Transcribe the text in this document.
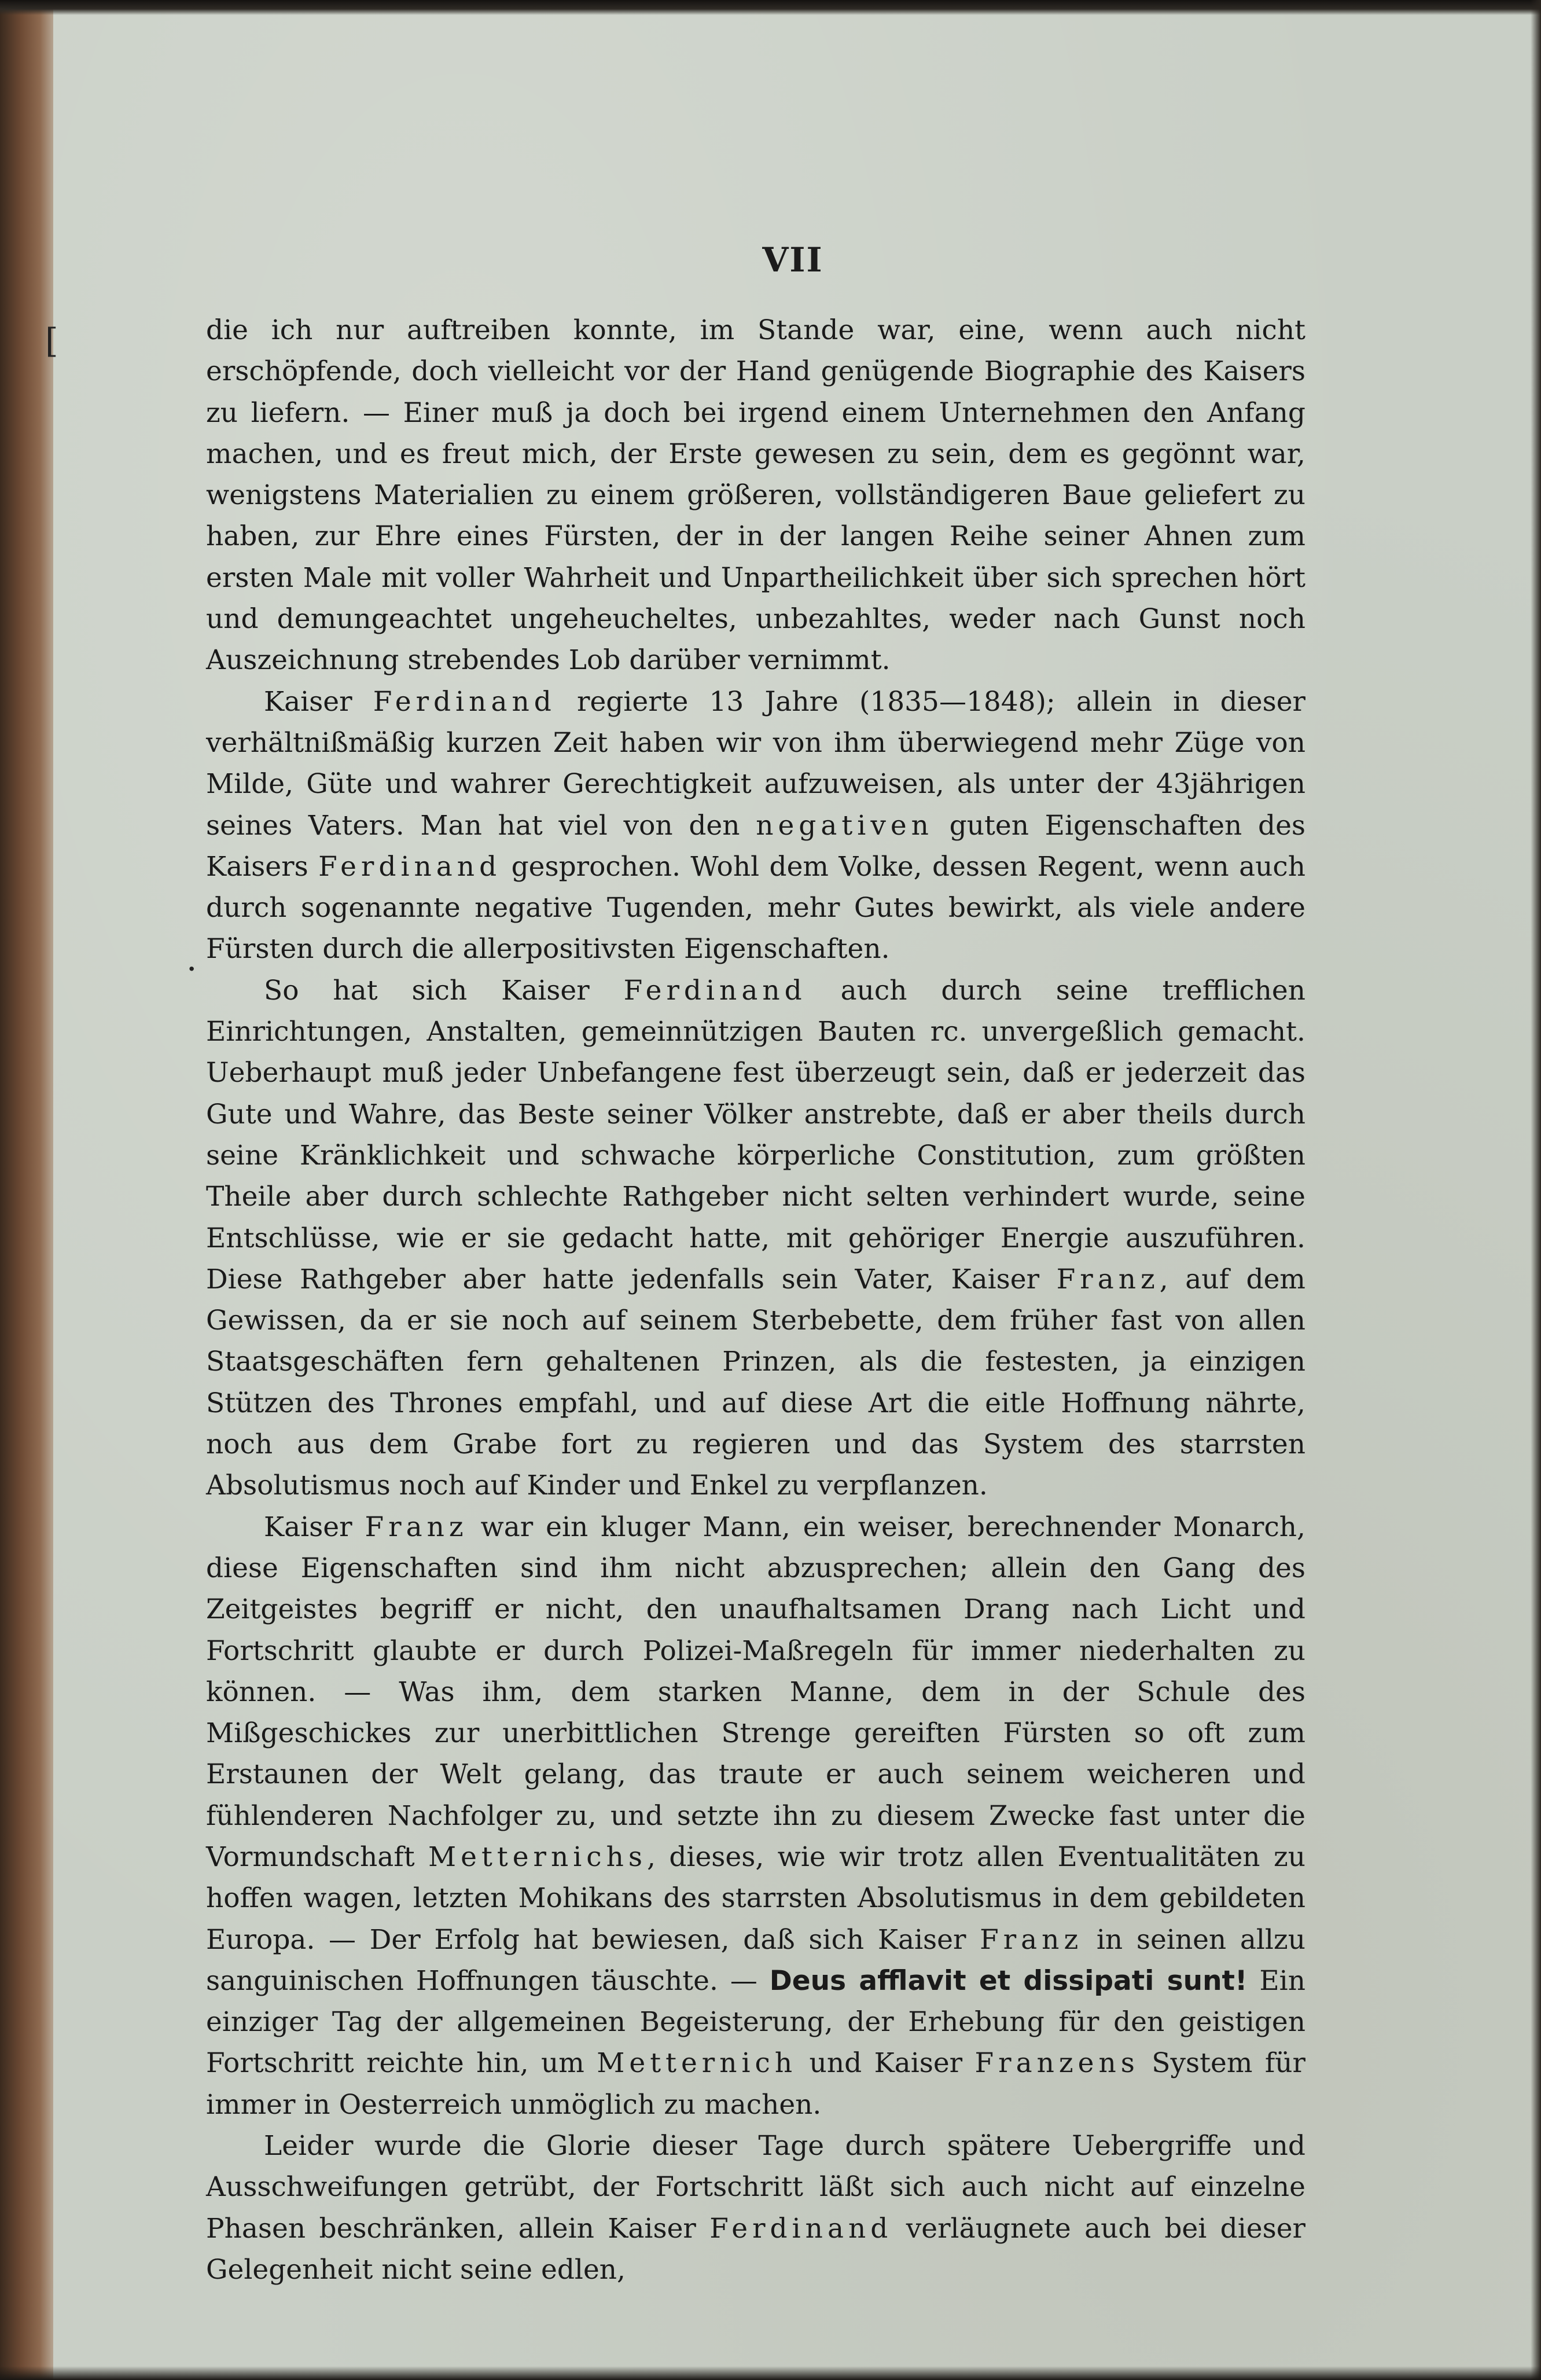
[
·
VII

die ich nur auftreiben konnte, im Stande war, eine, wenn auch nicht erschöpfende, doch vielleicht vor der Hand genügende Biographie des Kaisers zu liefern. — Einer muß ja doch bei irgend einem Unternehmen den Anfang machen, und es freut mich, der Erste gewesen zu sein, dem es gegönnt war, wenigstens Materialien zu einem größeren, vollständigeren Baue geliefert zu haben, zur Ehre eines Fürsten, der in der langen Reihe seiner Ahnen zum ersten Male mit voller Wahrheit und Unpartheilichkeit über sich sprechen hört und demungeachtet ungeheucheltes, unbezahltes, weder nach Gunst noch Auszeichnung strebendes Lob darüber vernimmt.

Kaiser Ferdinand regierte 13 Jahre (1835—1848); allein in dieser verhältnißmäßig kurzen Zeit haben wir von ihm überwiegend mehr Züge von Milde, Güte und wahrer Gerechtigkeit aufzuweisen, als unter der 43jährigen seines Vaters. Man hat viel von den negativen guten Eigenschaften des Kaisers Ferdinand gesprochen. Wohl dem Volke, dessen Regent, wenn auch durch sogenannte negative Tugenden, mehr Gutes bewirkt, als viele andere Fürsten durch die allerpositivsten Eigenschaften.

So hat sich Kaiser Ferdinand auch durch seine trefflichen Einrichtungen, Anstalten, gemeinnützigen Bauten rc. unvergeßlich gemacht. Ueberhaupt muß jeder Unbefangene fest überzeugt sein, daß er jederzeit das Gute und Wahre, das Beste seiner Völker anstrebte, daß er aber theils durch seine Kränklichkeit und schwache körperliche Constitution, zum größten Theile aber durch schlechte Rathgeber nicht selten verhindert wurde, seine Entschlüsse, wie er sie gedacht hatte, mit gehöriger Energie auszuführen. Diese Rathgeber aber hatte jedenfalls sein Vater, Kaiser Franz, auf dem Gewissen, da er sie noch auf seinem Sterbebette, dem früher fast von allen Staatsgeschäften fern gehaltenen Prinzen, als die festesten, ja einzigen Stützen des Thrones empfahl, und auf diese Art die eitle Hoffnung nährte, noch aus dem Grabe fort zu regieren und das System des starrsten Absolutismus noch auf Kinder und Enkel zu verpflanzen.

Kaiser Franz war ein kluger Mann, ein weiser, berechnender Monarch, diese Eigenschaften sind ihm nicht abzusprechen; allein den Gang des Zeitgeistes begriff er nicht, den unaufhaltsamen Drang nach Licht und Fortschritt glaubte er durch Polizei-Maßregeln für immer niederhalten zu können. — Was ihm, dem starken Manne, dem in der Schule des Mißgeschickes zur unerbittlichen Strenge gereiften Fürsten so oft zum Erstaunen der Welt gelang, das traute er auch seinem weicheren und fühlenderen Nachfolger zu, und setzte ihn zu diesem Zwecke fast unter die Vormundschaft Metternichs, dieses, wie wir trotz allen Eventualitäten zu hoffen wagen, letzten Mohikans des starrsten Absolutismus in dem gebildeten Europa. — Der Erfolg hat bewiesen, daß sich Kaiser Franz in seinen allzu sanguinischen Hoffnungen täuschte. — Deus afflavit et dissipati sunt! Ein einziger Tag der allgemeinen Begeisterung, der Erhebung für den geistigen Fortschritt reichte hin, um Metternich und Kaiser Franzens System für immer in Oesterreich unmöglich zu machen.

Leider wurde die Glorie dieser Tage durch spätere Uebergriffe und Ausschweifungen getrübt, der Fortschritt läßt sich auch nicht auf einzelne Phasen beschränken, allein Kaiser Ferdinand verläugnete auch bei dieser Gelegenheit nicht seine edlen,
